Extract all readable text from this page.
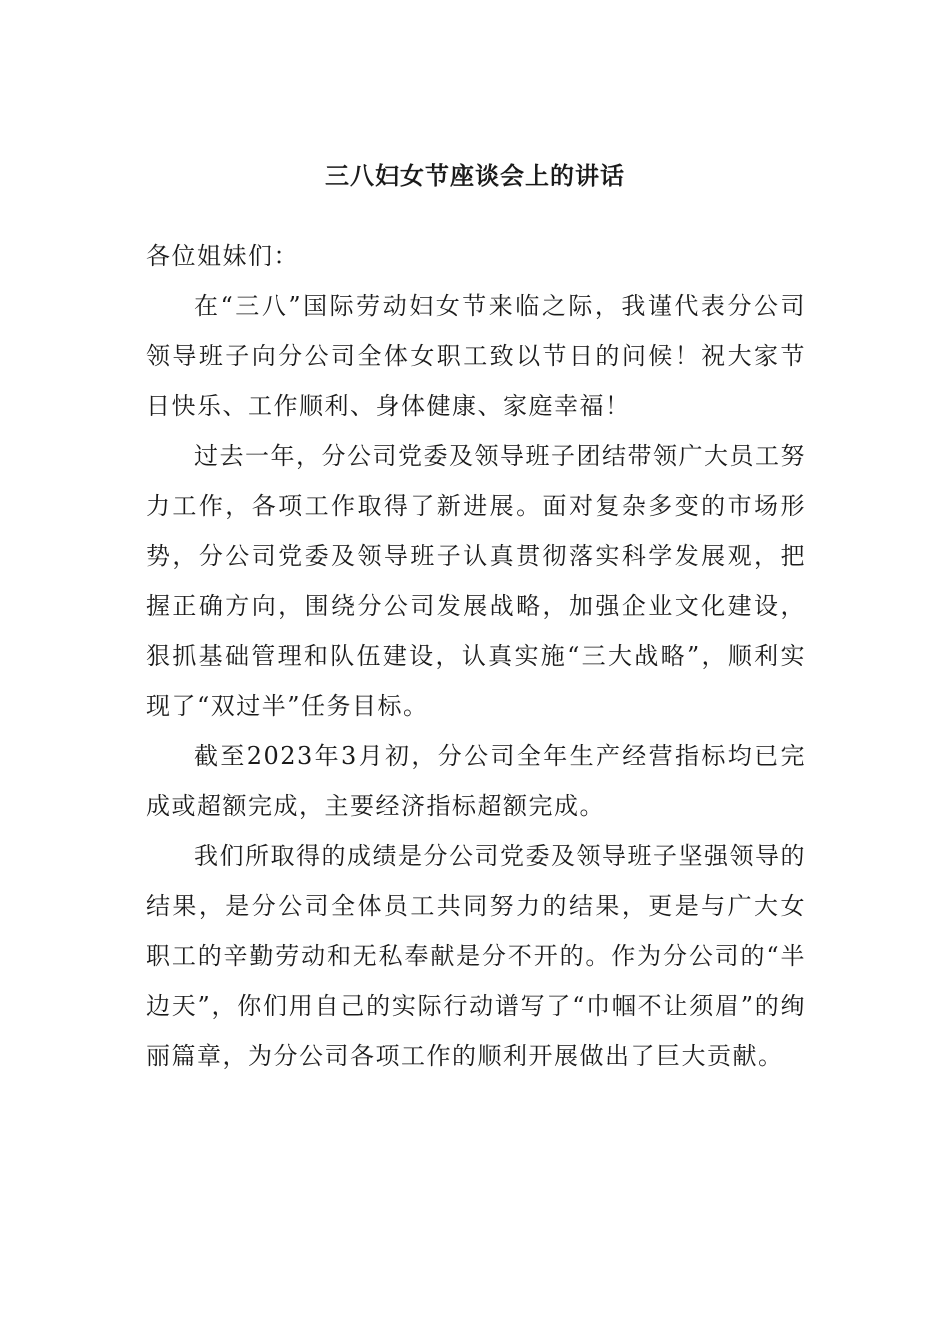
三八妇女节座谈会上的讲话

各位姐妹们：

在“三八”国际劳动妇女节来临之际，我谨代表分公司领导班子向分公司全体女职工致以节日的问候！祝大家节日快乐、工作顺利、身体健康、家庭幸福！

过去一年，分公司党委及领导班子团结带领广大员工努力工作，各项工作取得了新进展。面对复杂多变的市场形势，分公司党委及领导班子认真贯彻落实科学发展观，把握正确方向，围绕分公司发展战略，加强企业文化建设，狠抓基础管理和队伍建设，认真实施“三大战略”，顺利实现了“双过半”任务目标。

截至2023年3月初，分公司全年生产经营指标均已完成或超额完成，主要经济指标超额完成。

我们所取得的成绩是分公司党委及领导班子坚强领导的结果，是分公司全体员工共同努力的结果，更是与广大女职工的辛勤劳动和无私奉献是分不开的。作为分公司的“半边天”，你们用自己的实际行动谱写了“巾帼不让须眉”的绚丽篇章，为分公司各项工作的顺利开展做出了巨大贡献。
